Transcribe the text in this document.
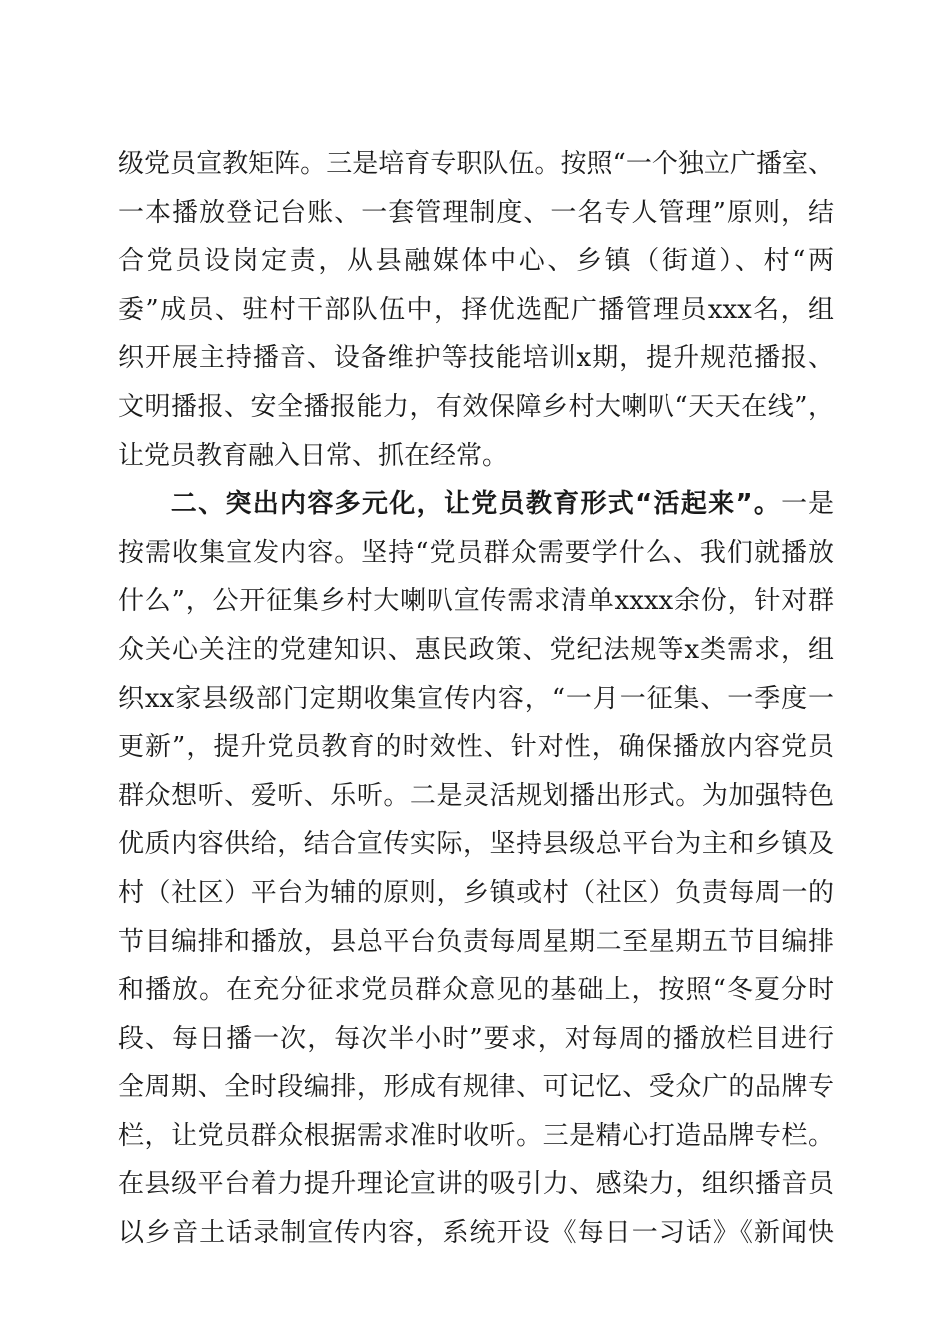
级党员宣教矩阵。三是培育专职队伍。按照“一个独立广播室、
一本播放登记台账、一套管理制度、一名专人管理”原则，结
合党员设岗定责，从县融媒体中心、乡镇（街道）、村“两
委”成员、驻村干部队伍中，择优选配广播管理员xxx名，组
织开展主持播音、设备维护等技能培训x期，提升规范播报、
文明播报、安全播报能力，有效保障乡村大喇叭“天天在线”，
让党员教育融入日常、抓在经常。
二、突出内容多元化，让党员教育形式“活起来”。一是
按需收集宣发内容。坚持“党员群众需要学什么、我们就播放
什么”，公开征集乡村大喇叭宣传需求清单xxxx余份，针对群
众关心关注的党建知识、惠民政策、党纪法规等x类需求，组
织xx家县级部门定期收集宣传内容，“一月一征集、一季度一
更新”，提升党员教育的时效性、针对性，确保播放内容党员
群众想听、爱听、乐听。二是灵活规划播出形式。为加强特色
优质内容供给，结合宣传实际，坚持县级总平台为主和乡镇及
村（社区）平台为辅的原则，乡镇或村（社区）负责每周一的
节目编排和播放，县总平台负责每周星期二至星期五节目编排
和播放。在充分征求党员群众意见的基础上，按照“冬夏分时
段、每日播一次，每次半小时”要求，对每周的播放栏目进行
全周期、全时段编排，形成有规律、可记忆、受众广的品牌专
栏，让党员群众根据需求准时收听。三是精心打造品牌专栏。
在县级平台着力提升理论宣讲的吸引力、感染力，组织播音员
以乡音土话录制宣传内容，系统开设《每日一习话》《新闻快
